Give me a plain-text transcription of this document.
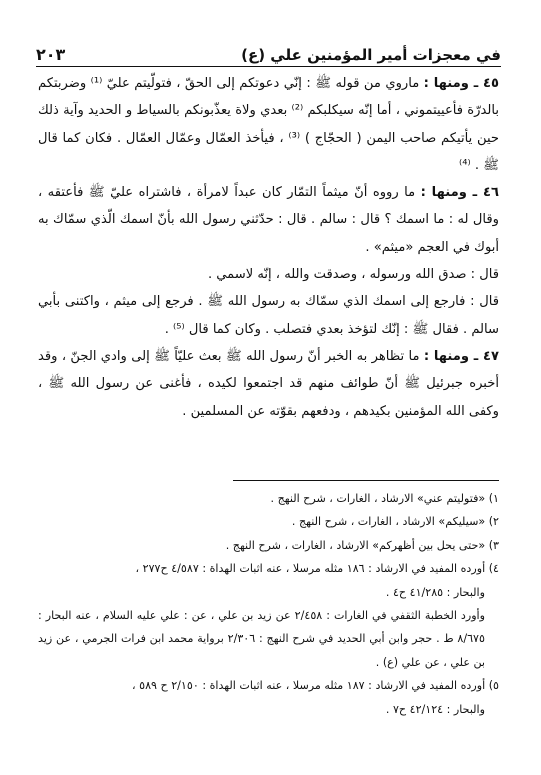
في معجزات أمير المؤمنين علي (ع)
٢٠٣

٤٥ ـ ومنها : ماروي من قوله ﷺ : إنّي دعوتكم إلى الحقّ ، فتولّيتم عليّ ⁽¹⁾ وضربتكم بالدرّة فأعييتموني ، أما إنّه سيكلبكم ⁽²⁾ بعدي ولاة يعذّبونكم بالسياط و الحديد وآية ذلك حين يأتيكم صاحب اليمن ( الحجّاج ) ⁽³⁾ ، فيأخذ العمّال وعمّال العمّال . فكان كما قال ﷺ . ⁽⁴⁾

٤٦ ـ ومنها : ما رووه أنّ ميثماً التمّار كان عبداً لامرأة ، فاشتراه عليّ ﷺ فأعتقه ، وقال له : ما اسمك ؟ قال : سالم . قال : حدّثني رسول الله بأنّ اسمك الّذي سمّاك به أبوك في العجم «ميثم» .

قال : صدق الله ورسوله ، وصدقت والله ، إنّه لاسمي .

قال : فارجع إلى اسمك الذي سمّاك به رسول الله ﷺ . فرجع إلى ميثم ، واكتنى بأبي سالم . فقال ﷺ : إنّك لتؤخذ بعدي فتصلب . وكان كما قال ⁽⁵⁾ .

٤٧ ـ ومنها : ما تظاهر به الخبر أنّ رسول الله ﷺ بعث عليّاً ﷺ إلى وادي الجنّ ، وقد أخبره جبرئيل ﷺ أنّ طوائف منهم قد اجتمعوا لكيده ، فأغنى عن رسول الله ﷺ ، وكفى الله المؤمنين بكيدهم ، ودفعهم بقوّته عن المسلمين .

١) «فتوليتم عني» الارشاد ، الغارات ، شرح النهج .

٢) «سيليكم» الارشاد ، الغارات ، شرح النهج .

٣) «حتى يحل بين أظهركم» الارشاد ، الغارات ، شرح النهج .

٤) أورده المفيد في الارشاد : ١٨٦ مثله مرسلا ، عنه اثبات الهداة : ٤/٥٨٧ ح٢٧٧ ،

والبحار : ٤١/٢٨٥ ح٤ .

وأورد الخطبة الثقفي في الغارات : ٢/٤٥٨ عن زيد بن علي ، عن : علي عليه السلام ، عنه البحار : ٨/٦٧٥ ط . حجر وابن أبي الحديد في شرح النهج : ٢/٣٠٦ برواية محمد ابن فرات الجرمي ، عن زيد بن علي ، عن علي (ع) .

٥) أورده المفيد في الارشاد : ١٨٧ مثله مرسلا ، عنه اثبات الهداة : ٢/١٥٠ ح ٥٨٩ ،

والبحار : ٤٢/١٢٤ ح٧ .
